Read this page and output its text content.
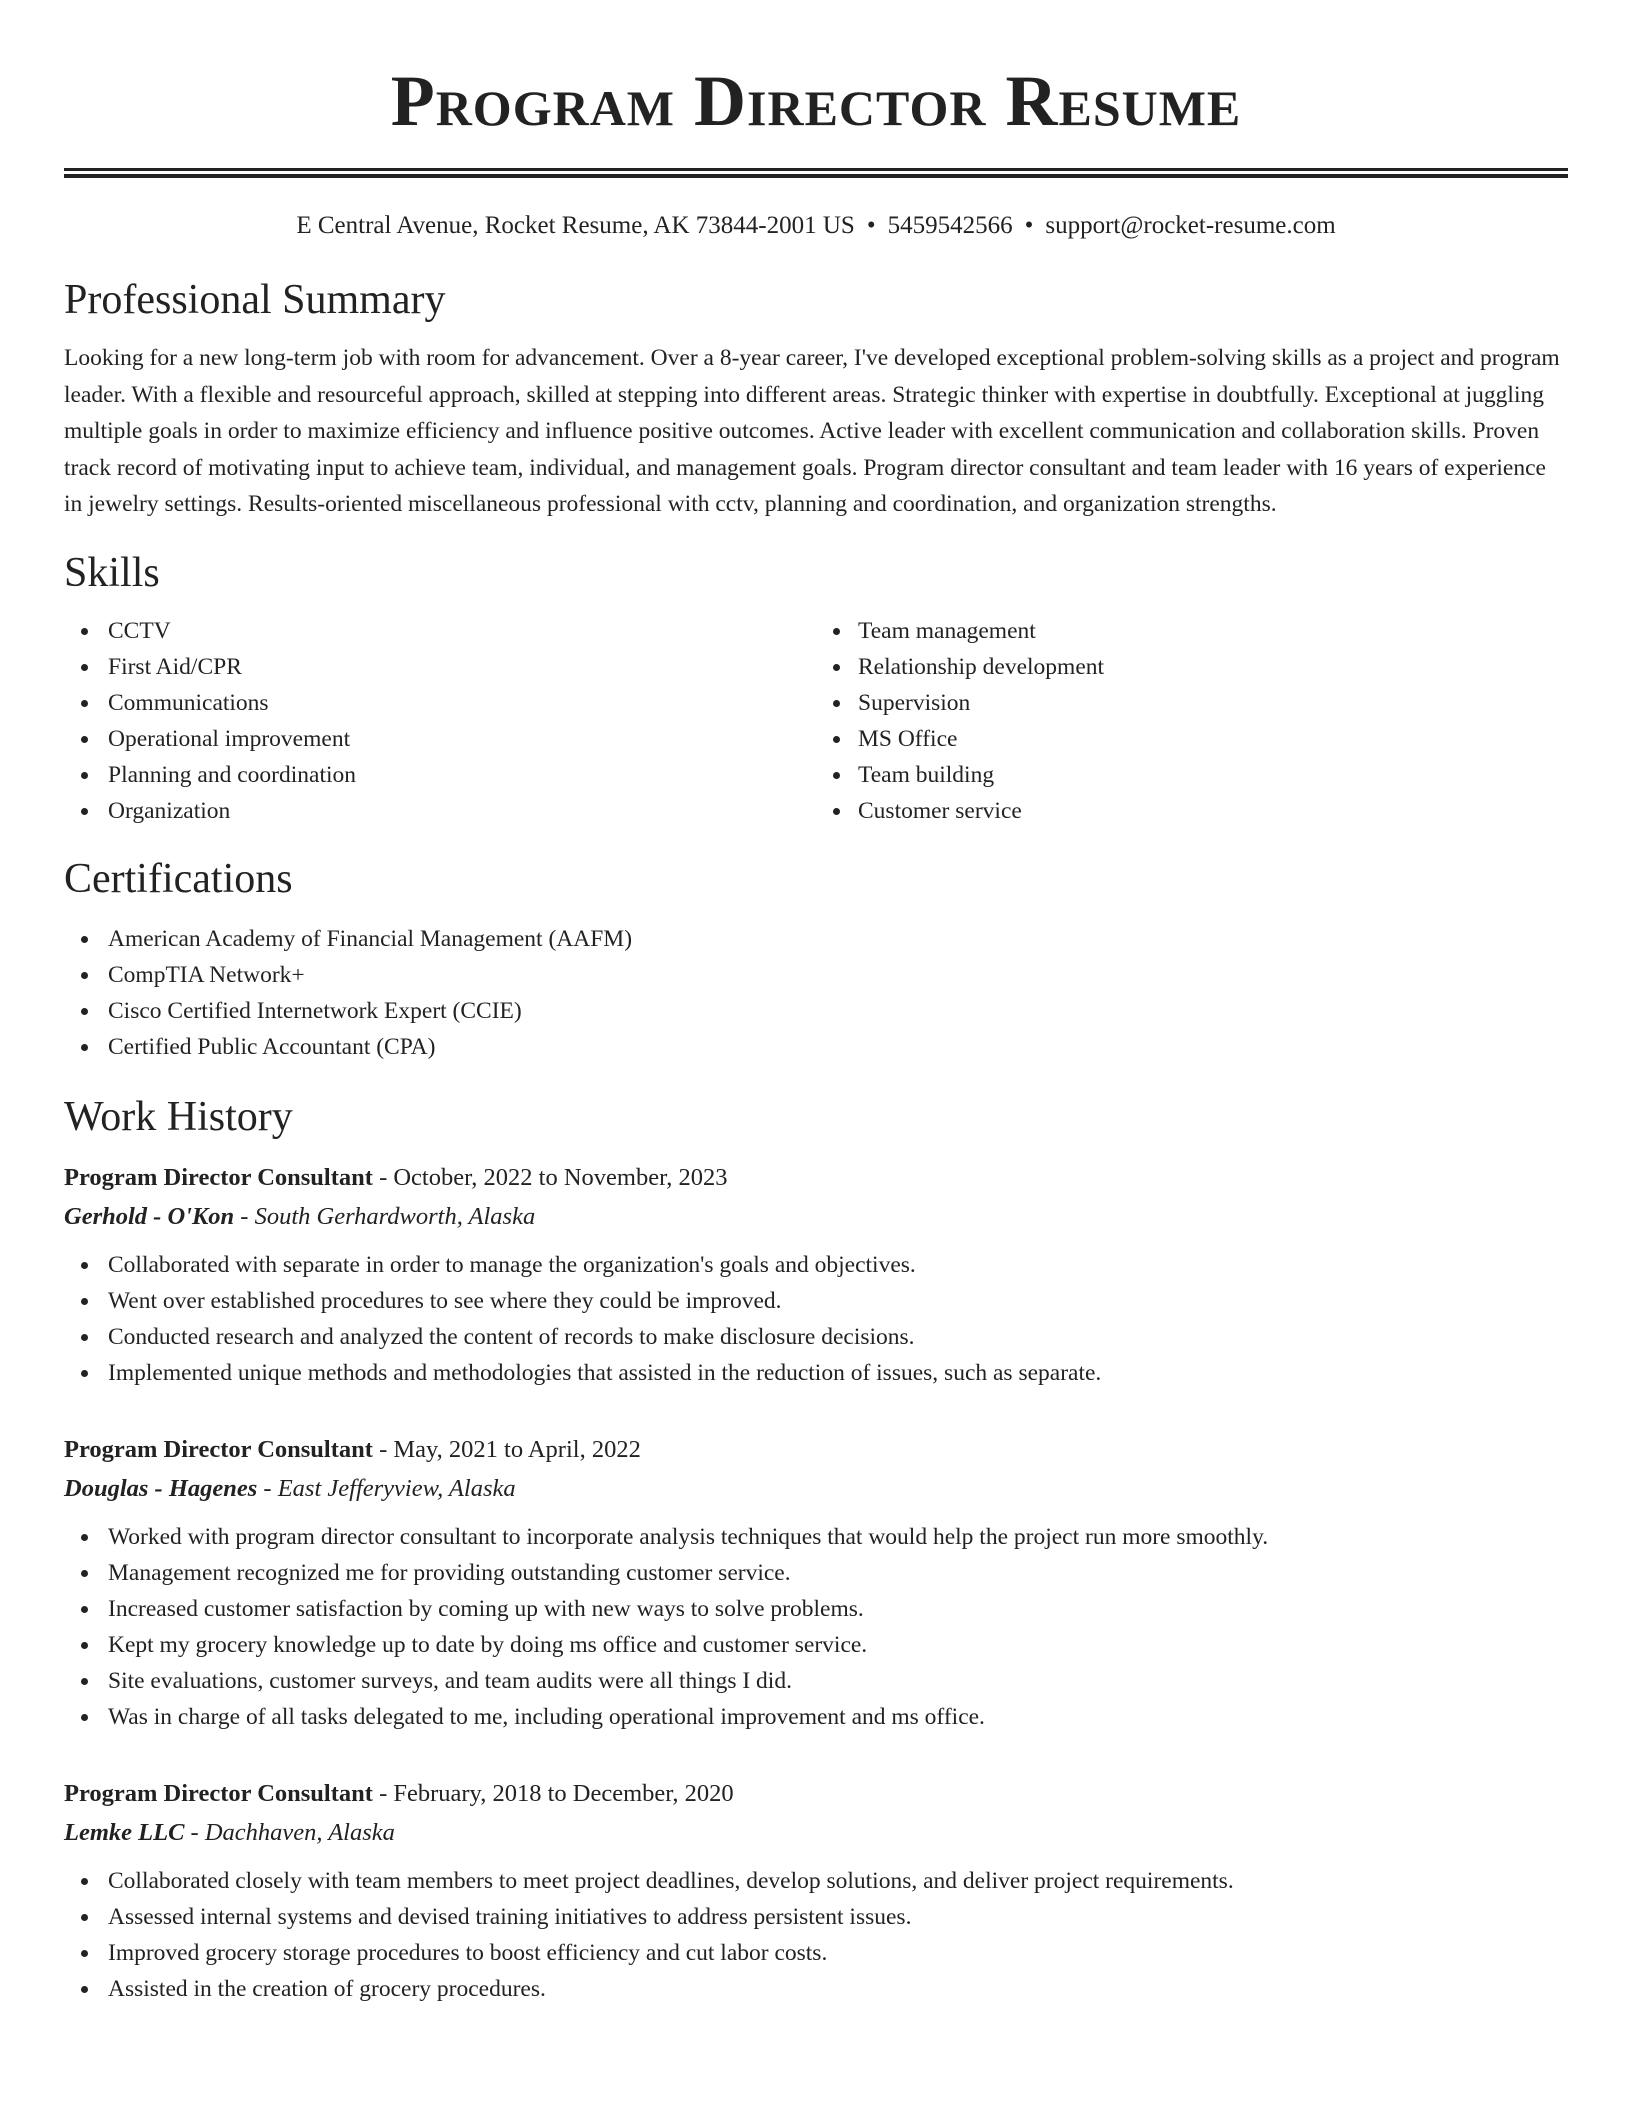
Program Director Resume
E Central Avenue, Rocket Resume, AK 73844-2001 US • 5459542566 • support@rocket-resume.com
Professional Summary

Looking for a new long-term job with room for advancement. Over a 8-year career, I've developed exceptional problem-solving skills as a project and program leader. With a flexible and resourceful approach, skilled at stepping into different areas. Strategic thinker with expertise in doubtfully. Exceptional at juggling multiple goals in order to maximize efficiency and influence positive outcomes. Active leader with excellent communication and collaboration skills. Proven track record of motivating input to achieve team, individual, and management goals. Program director consultant and team leader with 16 years of experience in jewelry settings. Results-oriented miscellaneous professional with cctv, planning and coordination, and organization strengths.

Skills
CCTV
First Aid/CPR
Communications
Operational improvement
Planning and coordination
Organization
Team management
Relationship development
Supervision
MS Office
Team building
Customer service
Certifications
American Academy of Financial Management (AAFM)
CompTIA Network+
Cisco Certified Internetwork Expert (CCIE)
Certified Public Accountant (CPA)
Work History
Program Director Consultant - October, 2022 to November, 2023
Gerhold - O'Kon - South Gerhardworth, Alaska
Collaborated with separate in order to manage the organization's goals and objectives.
Went over established procedures to see where they could be improved.
Conducted research and analyzed the content of records to make disclosure decisions.
Implemented unique methods and methodologies that assisted in the reduction of issues, such as separate.
Program Director Consultant - May, 2021 to April, 2022
Douglas - Hagenes - East Jefferyview, Alaska
Worked with program director consultant to incorporate analysis techniques that would help the project run more smoothly.
Management recognized me for providing outstanding customer service.
Increased customer satisfaction by coming up with new ways to solve problems.
Kept my grocery knowledge up to date by doing ms office and customer service.
Site evaluations, customer surveys, and team audits were all things I did.
Was in charge of all tasks delegated to me, including operational improvement and ms office.
Program Director Consultant - February, 2018 to December, 2020
Lemke LLC - Dachhaven, Alaska
Collaborated closely with team members to meet project deadlines, develop solutions, and deliver project requirements.
Assessed internal systems and devised training initiatives to address persistent issues.
Improved grocery storage procedures to boost efficiency and cut labor costs.
Assisted in the creation of grocery procedures.
